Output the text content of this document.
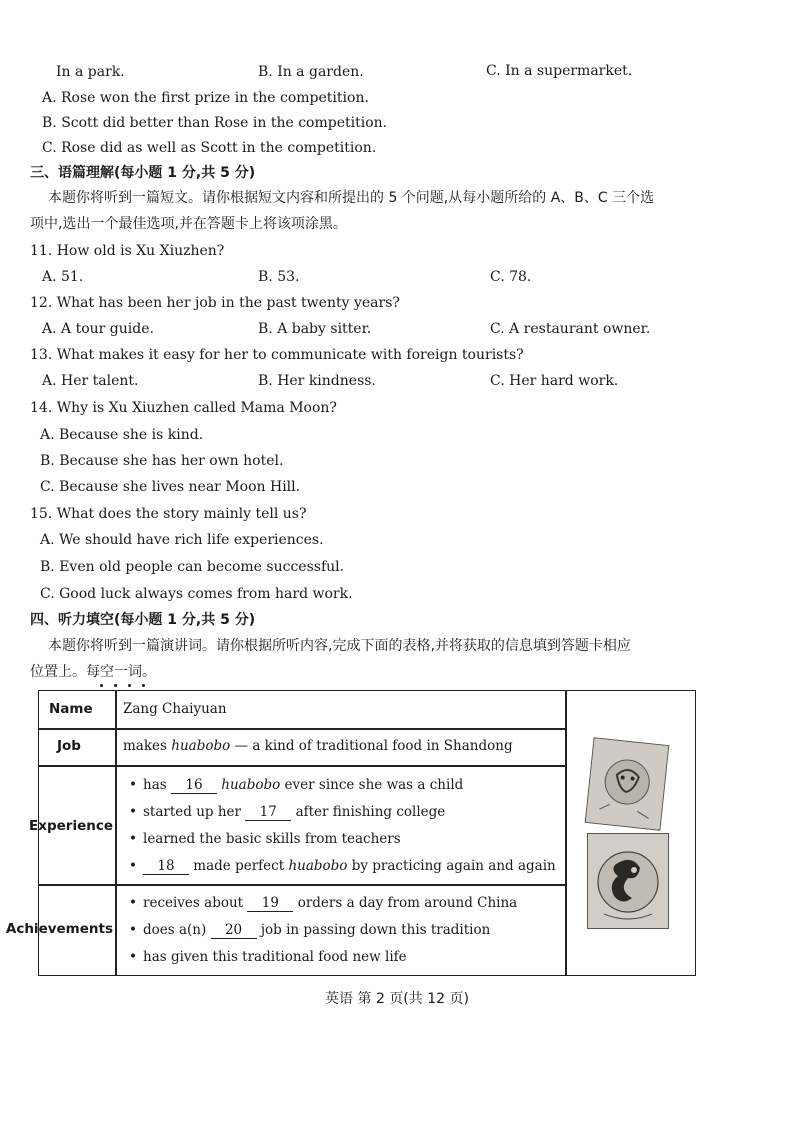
In a park.	B. In a garden.	C. In a supermarket.
A. Rose won the first prize in the competition.
B. Scott did better than Rose in the competition.
C. Rose did as well as Scott in the competition.
三、语篇理解(每小题 1 分,共 5 分)
本题你将听到一篇短文。请你根据短文内容和所提出的 5 个问题,从每小题所给的 A、B、C 三个选
项中,选出一个最佳选项,并在答题卡上将该项涂黑。
11. How old is Xu Xiuzhen?
A. 51.	B. 53.	C. 78.
12. What has been her job in the past twenty years?
A. A tour guide.	B. A baby sitter.	C. A restaurant owner.
13. What makes it easy for her to communicate with foreign tourists?
A. Her talent.	B. Her kindness.	C. Her hard work.
14. Why is Xu Xiuzhen called Mama Moon?
A. Because she is kind.
B. Because she has her own hotel.
C. Because she lives near Moon Hill.
15. What does the story mainly tell us?
A. We should have rich life experiences.
B. Even old people can become successful.
C. Good luck always comes from hard work.
四、听力填空(每小题 1 分,共 5 分)
本题你将听到一篇演讲词。请你根据所听内容,完成下面的表格,并将获取的信息填到答题卡相应
位置上。每空一词。
Name Zang Chaiyuan
Job	makes huabobo — a kind of traditional food in Shandong
Experience
• has 16 huabobo ever since she was a child
• started up her 17 after finishing college
• learned the basic skills from teachers
• 18 made perfect huabobo by practicing again and again
Achievements
• receives about 19 orders a day from around China
• does a(n) 20 job in passing down this tradition
• has given this traditional food new life
英语 第 2 页(共 12 页)
